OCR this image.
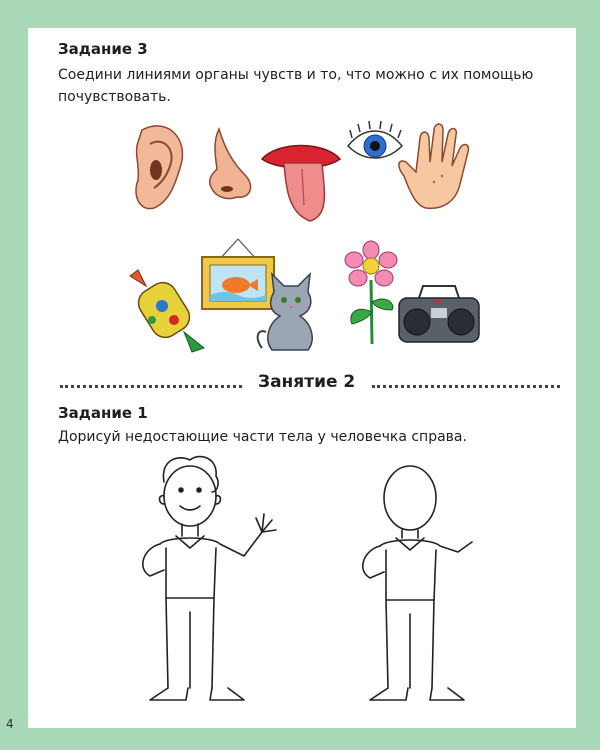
Задание 3
Соедини линиями органы чувств и то, что можно с их помощью
почувствовать.
Занятие 2
Задание 1
Дорисуй недостающие части тела у человечка справа.
4
